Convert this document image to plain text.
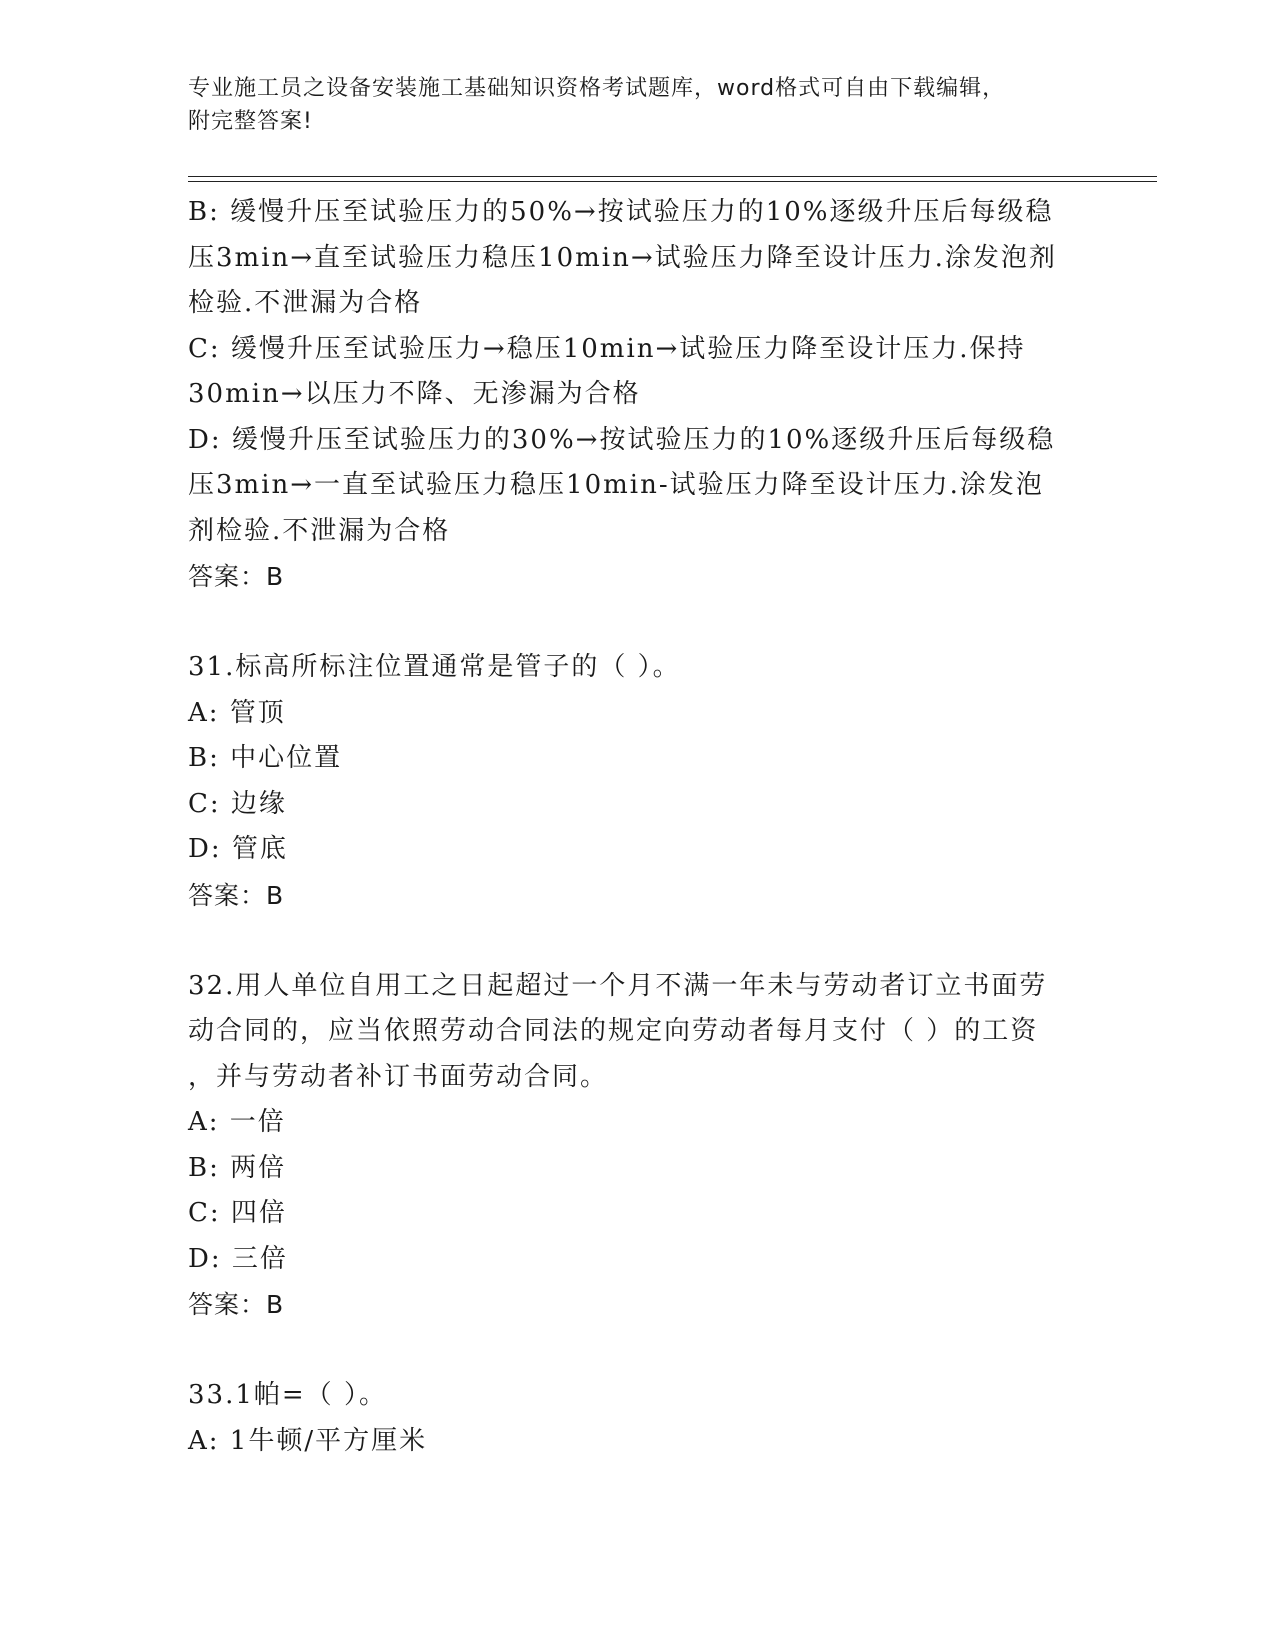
专业施工员之设备安装施工基础知识资格考试题库，word格式可自由下载编辑，
附完整答案!
B: 缓慢升压至试验压力的50%→按试验压力的10%逐级升压后每级稳
压3min→直至试验压力稳压10min→试验压力降至设计压力.涂发泡剂
检验.不泄漏为合格
C: 缓慢升压至试验压力→稳压10min→试验压力降至设计压力.保持
30min→以压力不降、无渗漏为合格
D: 缓慢升压至试验压力的30%→按试验压力的10%逐级升压后每级稳
压3min→一直至试验压力稳压10min-试验压力降至设计压力.涂发泡
剂检验.不泄漏为合格
答案：B
31.标高所标注位置通常是管子的（ ）。
A: 管顶
B: 中心位置
C: 边缘
D: 管底
答案：B
32.用人单位自用工之日起超过一个月不满一年未与劳动者订立书面劳
动合同的，应当依照劳动合同法的规定向劳动者每月支付（ ）的工资
，并与劳动者补订书面劳动合同。
A: 一倍
B: 两倍
C: 四倍
D: 三倍
答案：B
33.1帕=（ ）。
A: 1牛顿/平方厘米
